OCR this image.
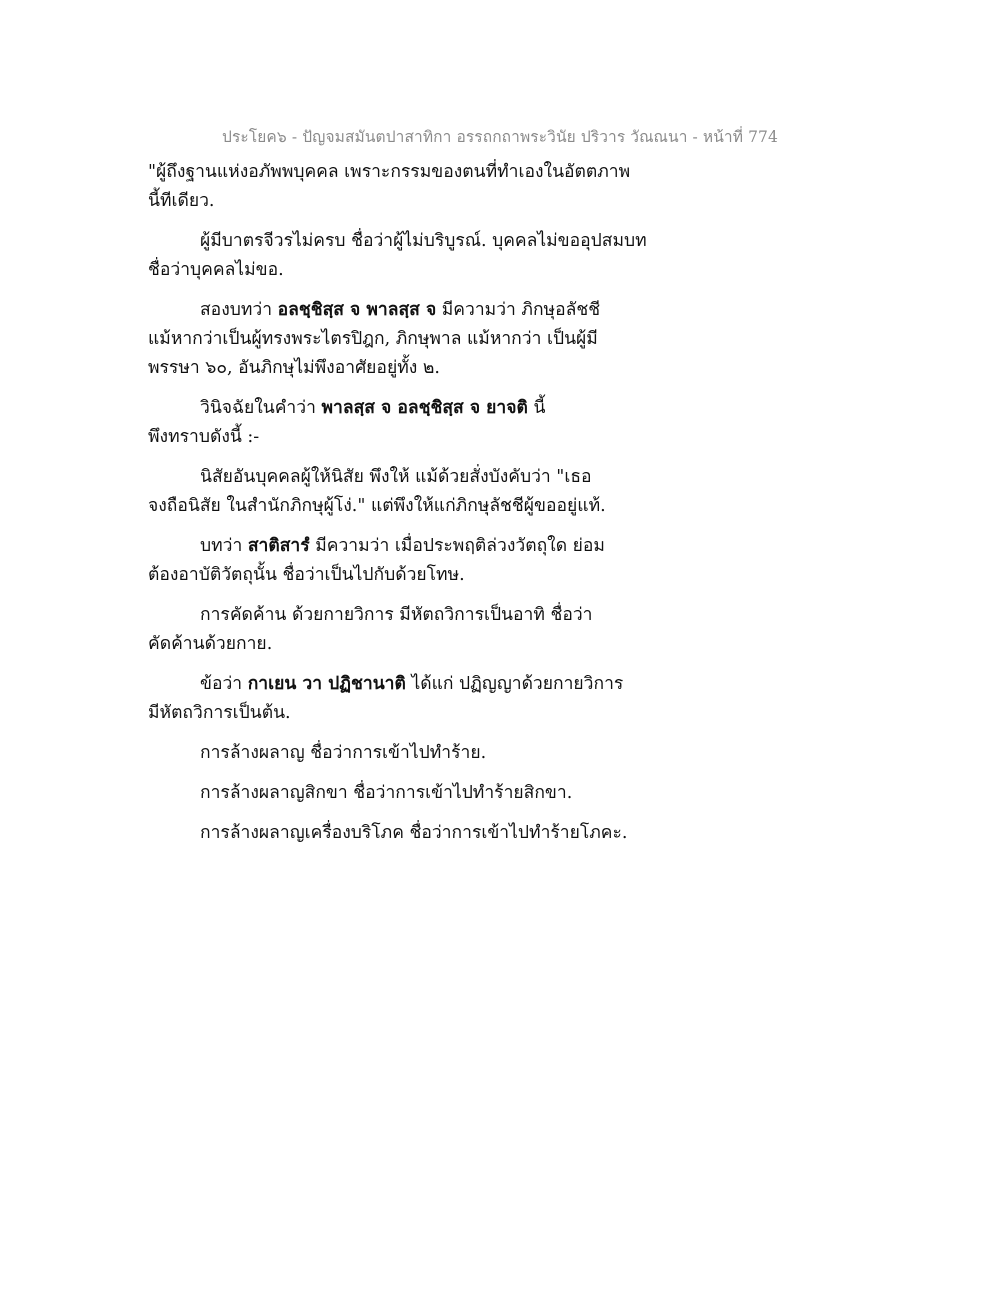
ประโยค๖ - ปัญจมสมันตปาสาทิกา อรรถกถาพระวินัย ปริวาร วัณณนา - หน้าที่ 774

"ผู้ถึงฐานแห่งอภัพพบุคคล เพราะกรรมของตนที่ทำเองในอัตตภาพ
นี้ทีเดียว.

ผู้มีบาตรจีวรไม่ครบ ชื่อว่าผู้ไม่บริบูรณ์. บุคคลไม่ขออุปสมบท
ชื่อว่าบุคคลไม่ขอ.

สองบทว่า อลชฺชิสฺส จ พาลสฺส จ มีความว่า ภิกษุอลัชชี
แม้หากว่าเป็นผู้ทรงพระไตรปิฎก, ภิกษุพาล แม้หากว่า เป็นผู้มี
พรรษา ๖๐, อันภิกษุไม่พึงอาศัยอยู่ทั้ง ๒.

วินิจฉัยในคำว่า พาลสฺส จ อลชฺชิสฺส จ ยาจติ นี้
พึงทราบดังนี้ :-

นิสัยอันบุคคลผู้ให้นิสัย พึงให้ แม้ด้วยสั่งบังคับว่า "เธอ
จงถือนิสัย ในสำนักภิกษุผู้โง่." แต่พึงให้แก่ภิกษุลัชชีผู้ขออยู่แท้.

บทว่า สาติสารํ มีความว่า เมื่อประพฤติล่วงวัตถุใด ย่อม
ต้องอาบัติวัตถุนั้น ชื่อว่าเป็นไปกับด้วยโทษ.

การคัดค้าน ด้วยกายวิการ มีหัตถวิการเป็นอาทิ ชื่อว่า
คัดค้านด้วยกาย.

ข้อว่า กาเยน วา ปฏิชานาติ ได้แก่ ปฏิญญาด้วยกายวิการ
มีหัตถวิการเป็นต้น.

การล้างผลาญ ชื่อว่าการเข้าไปทำร้าย.

การล้างผลาญสิกขา ชื่อว่าการเข้าไปทำร้ายสิกขา.

การล้างผลาญเครื่องบริโภค ชื่อว่าการเข้าไปทำร้ายโภคะ.
